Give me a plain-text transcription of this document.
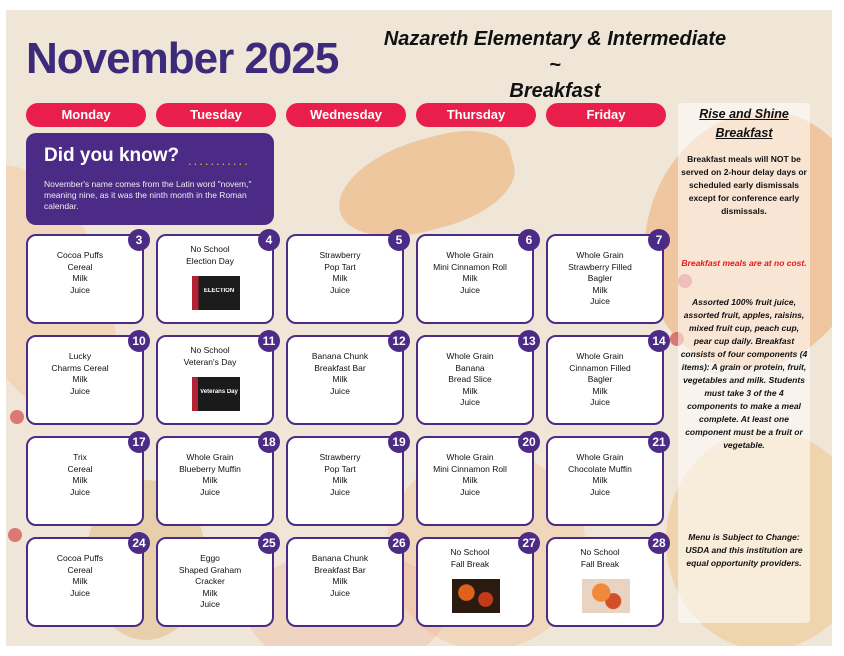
November 2025 Nazareth Elementary & Intermediate ~
Breakfast
Monday	Tuesday	Wednesday	Thursday	Friday
Did you know? ...........
November's name comes from the Latin word "novem," meaning nine, as it was the ninth month in the Roman calendar.
3
Cocoa Puffs
Cereal
Milk
Juice
4
No School
Election Day
ELECTION
5
Strawberry
Pop Tart
Milk
Juice
6
Whole Grain
Mini Cinnamon Roll
Milk
Juice
7
Whole Grain
Strawberry Filled
Bagler
Milk
Juice
10
Lucky
Charms Cereal
Milk
Juice
11
No School
Veteran's Day
Veterans Day
12
Banana Chunk
Breakfast Bar
Milk
Juice
13
Whole Grain
Banana
Bread Slice
Milk
Juice
14
Whole Grain
Cinnamon Filled
Bagler
Milk
Juice
17
Trix
Cereal
Milk
Juice
18
Whole Grain
Blueberry Muffin
Milk
Juice
19
Strawberry
Pop Tart
Milk
Juice
20
Whole Grain
Mini Cinnamon Roll
Milk
Juice
21
Whole Grain
Chocolate Muffin
Milk
Juice
24
Cocoa Puffs
Cereal
Milk
Juice
25
Eggo
Shaped Graham
Cracker
Milk
Juice
26
Banana Chunk
Breakfast Bar
Milk
Juice
27
No School
Fall Break
28
No School
Fall Break
Rise and Shine
Breakfast
Breakfast meals will NOT be served on 2-hour delay days or scheduled early dismissals except for conference early dismissals.
Breakfast meals are at no cost.
Assorted 100% fruit juice, assorted fruit, apples, raisins, mixed fruit cup, peach cup, pear cup daily. Breakfast consists of four components (4 items): A grain or protein, fruit, vegetables and milk. Students must take 3 of the 4 components to make a meal complete. At least one component must be a fruit or vegetable.
Menu is Subject to Change: USDA and this institution are equal opportunity providers.
